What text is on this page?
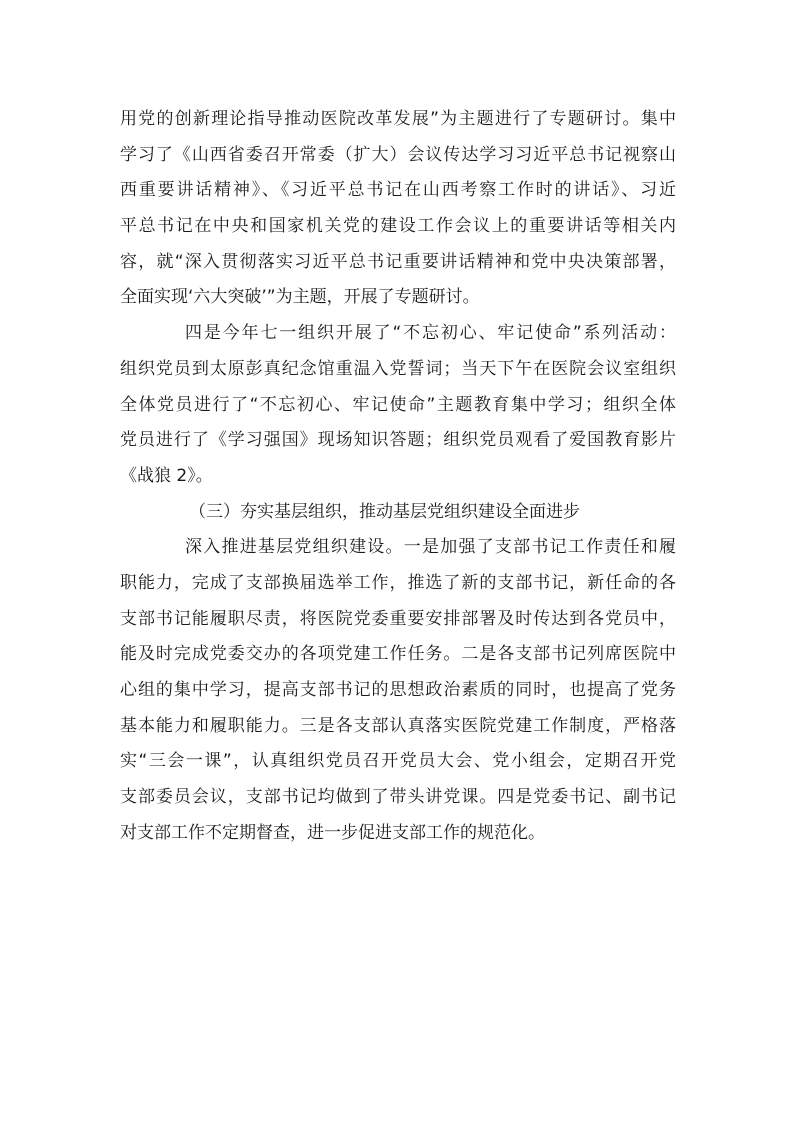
用党的创新理论指导推动医院改革发展”为主题进行了专题研讨。集中
学习了《山西省委召开常委（扩大）会议传达学习习近平总书记视察山
西重要讲话精神》、《习近平总书记在山西考察工作时的讲话》、习近
平总书记在中央和国家机关党的建设工作会议上的重要讲话等相关内
容，就“深入贯彻落实习近平总书记重要讲话精神和党中央决策部署，
全面实现‘六大突破’”为主题，开展了专题研讨。
四是今年七一组织开展了“不忘初心、牢记使命”系列活动：
组织党员到太原彭真纪念馆重温入党誓词；当天下午在医院会议室组织
全体党员进行了“不忘初心、牢记使命”主题教育集中学习；组织全体
党员进行了《学习强国》现场知识答题；组织党员观看了爱国教育影片
《战狼 2》。
（三）夯实基层组织，推动基层党组织建设全面进步
深入推进基层党组织建设。一是加强了支部书记工作责任和履
职能力，完成了支部换届选举工作，推选了新的支部书记，新任命的各
支部书记能履职尽责，将医院党委重要安排部署及时传达到各党员中，
能及时完成党委交办的各项党建工作任务。二是各支部书记列席医院中
心组的集中学习，提高支部书记的思想政治素质的同时，也提高了党务
基本能力和履职能力。三是各支部认真落实医院党建工作制度，严格落
实“三会一课”，认真组织党员召开党员大会、党小组会，定期召开党
支部委员会议，支部书记均做到了带头讲党课。四是党委书记、副书记
对支部工作不定期督查，进一步促进支部工作的规范化。
